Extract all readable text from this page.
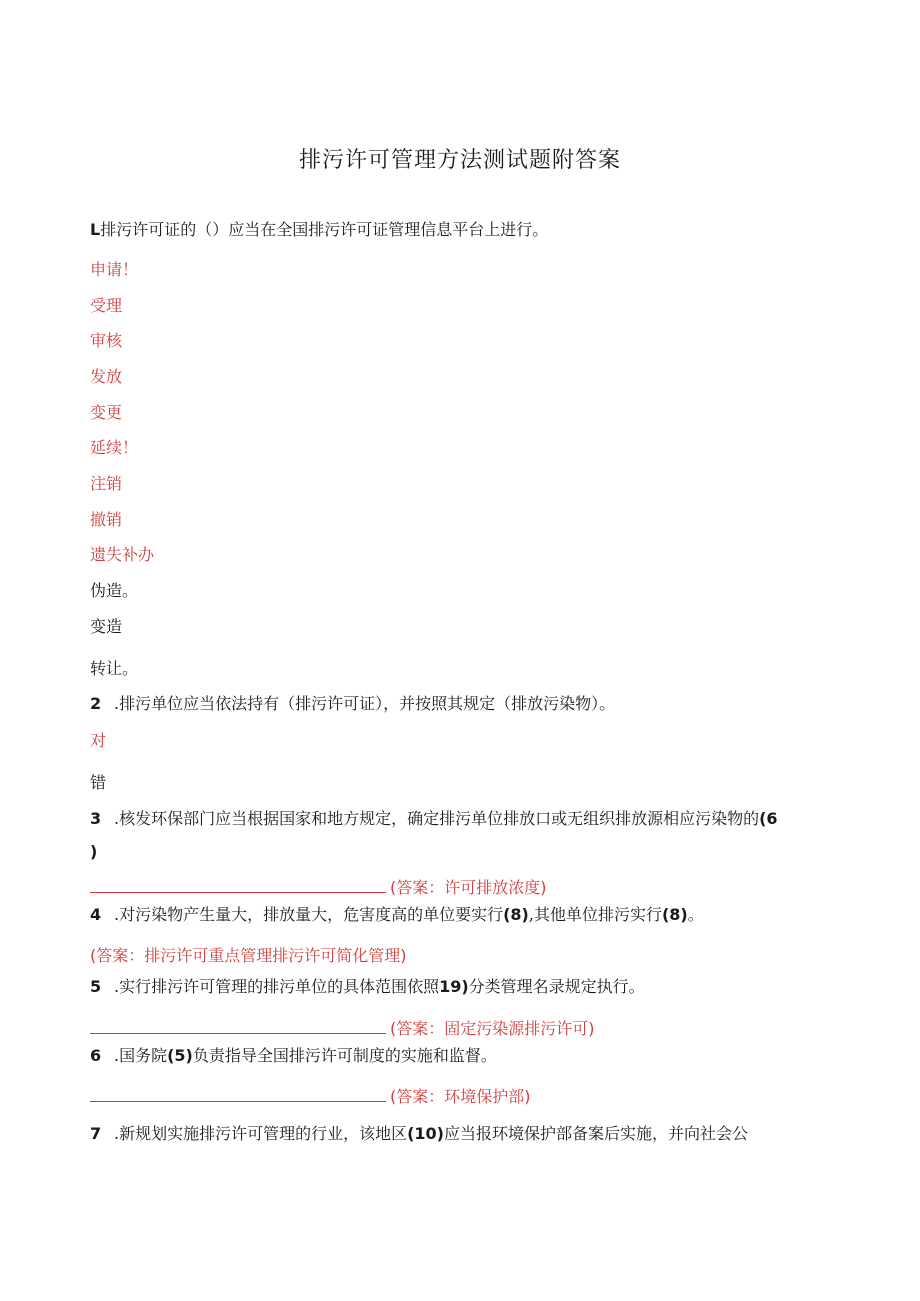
排污许可管理方法测试题附答案
L排污许可证的（）应当在全国排污许可证管理信息平台上进行。
申请！
受理
审核
发放
变更
延续！
注销
撤销
遗失补办
伪造。
变造
转让。
2 .排污单位应当依法持有（排污许可证），并按照其规定（排放污染物）。
对
错
3 .核发环保部门应当根据国家和地方规定，确定排污单位排放口或无组织排放源相应污染物的(6
)
(答案：许可排放浓度)
4 .对污染物产生量大，排放量大，危害度高的单位要实行(8),其他单位排污实行(8)。
(答案：排污许可重点管理排污许可简化管理)
5 .实行排污许可管理的排污单位的具体范围依照19)分类管理名录规定执行。
(答案：固定污染源排污许可)
6 .国务院(5)负责指导全国排污许可制度的实施和监督。
(答案：环境保护部)
7 .新规划实施排污许可管理的行业，该地区(10)应当报环境保护部备案后实施，并向社会公
